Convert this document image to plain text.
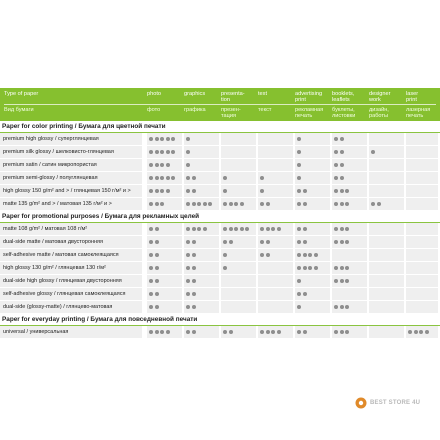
Type of paper
Вид бумаги
photo
фото
graphics
графика
presenta-
tion
презен-
тация
text
текст
advertising
print
рекламная
печать
booklets,
leaflets
буклеты,
листовки
designer
work
дизайн,
работы
laser
print
лазерная
печать
Paper for color printing / Бумага для цветной печати
premium high glossy / суперглянцевая
premium silk glossy / шелковисто-глянцевая
premium satin / сатин микропористая
premium semi-glossy / полуглянцевая
high glossy 150 g/m² and > / глянцевая 150 г/м² и >
matte 135 g/m² and > / матовая 135 г/м² и >
Paper for promotional purposes / Бумага для рекламных целей
matte 108 g/m² / матовая 108 г/м²
dual-side matte / матовая двусторонняя
self-adhesive matte / матовая самоклеящаяся
high glossy 130 g/m² / глянцевая 130 г/м²
dual-side high glossy / глянцевая двусторонняя
self-adhesive glossy / глянцевая самоклеящаяся
dual-side (glossy-matte) / глянцево-матовая
Paper for everyday printing / Бумага для повседневной печати
universal / универсальная
BEST STORE 4U
